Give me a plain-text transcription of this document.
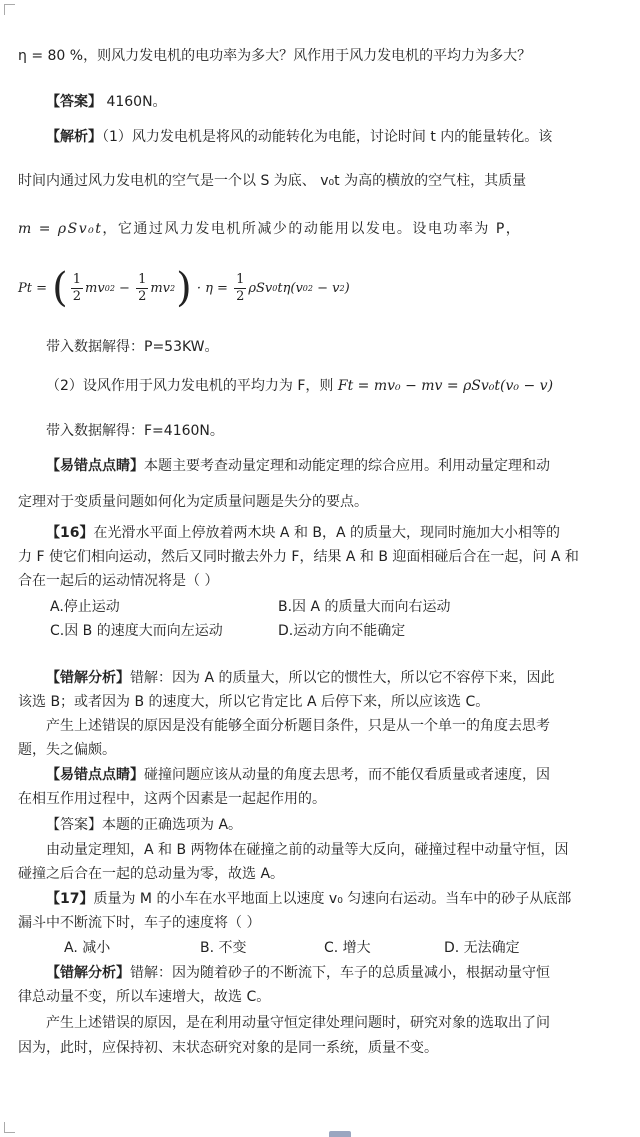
η = 80 %，则风力发电机的电功率为多大？风作用于风力发电机的平均力为多大？
【答案】 4160N。
【解析】（1）风力发电机是将风的动能转化为电能，讨论时间 t 内的能量转化。该
时间内通过风力发电机的空气是一个以 S 为底、 v₀t 为高的横放的空气柱，其质量
m = ρSv₀t，它通过风力发电机所减少的动能用以发电。设电功率为 P，
Pt = ( $\frac{1}{2}$ mv 0 $2 - \frac{1}{2}$ mv 2 ) · $\eta = \frac{1}{2}$ ρSv 0 tη(v 0 2 − v 2 )
带入数据解得：P=53KW。
（2）设风作用于风力发电机的平均力为 F，则 Ft = mv₀ − mv = ρSv₀t(v₀ − v)
带入数据解得：F=4160N。
【易错点点睛】本题主要考查动量定理和动能定理的综合应用。利用动量定理和动
定理对于变质量问题如何化为定质量问题是失分的要点。
【16】在光滑水平面上停放着两木块 A 和 B，A 的质量大，现同时施加大小相等的
力 F 使它们相向运动，然后又同时撤去外力 F，结果 A 和 B 迎面相碰后合在一起，问 A 和
合在一起后的运动情况将是（ ）
A.停止运动	B.因 A 的质量大而向右运动
C.因 B 的速度大而向左运动	D.运动方向不能确定
【错解分析】错解：因为 A 的质量大，所以它的惯性大，所以它不容停下来，因此
该选 B；或者因为 B 的速度大，所以它肯定比 A 后停下来，所以应该选 C。
产生上述错误的原因是没有能够全面分析题目条件，只是从一个单一的角度去思考
题，失之偏颇。
【易错点点睛】碰撞问题应该从动量的角度去思考，而不能仅看质量或者速度，因
在相互作用过程中，这两个因素是一起起作用的。
【答案】本题的正确选项为 A。
由动量定理知，A 和 B 两物体在碰撞之前的动量等大反向，碰撞过程中动量守恒，因
碰撞之后合在一起的总动量为零，故选 A。
【17】质量为 M 的小车在水平地面上以速度 v₀ 匀速向右运动。当车中的砂子从底部
漏斗中不断流下时，车子的速度将（ ）
A. 减小	B. 不变	C. 增大	D. 无法确定
【错解分析】错解：因为随着砂子的不断流下，车子的总质量减小，根据动量守恒
律总动量不变，所以车速增大，故选 C。
产生上述错误的原因，是在利用动量守恒定律处理问题时，研究对象的选取出了问
因为，此时，应保持初、末状态研究对象的是同一系统，质量不变。
